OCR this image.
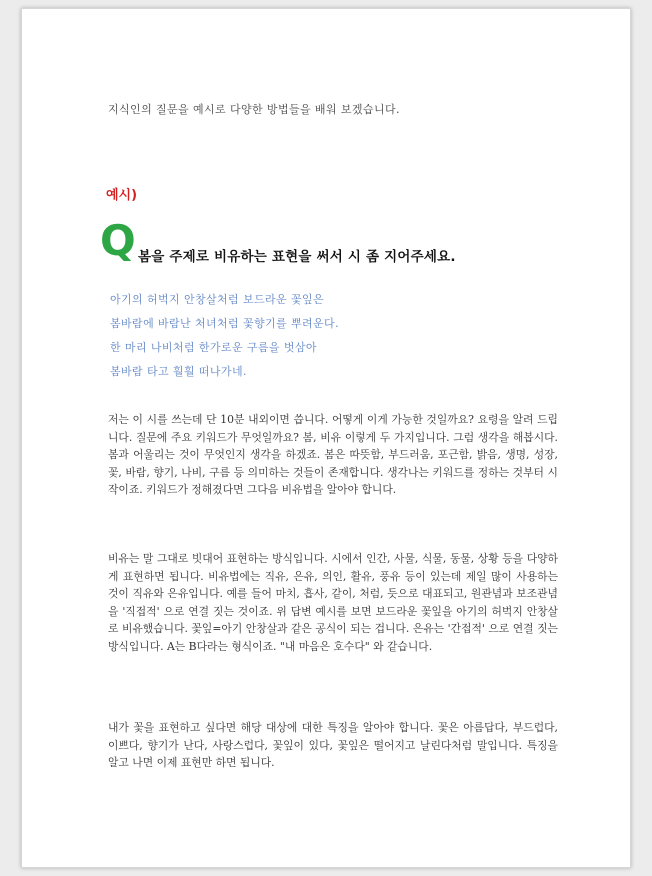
지식인의 질문을 예시로 다양한 방법들을 배워 보겠습니다.
예시)
Q 봄을 주제로 비유하는 표현을 써서 시 좀 지어주세요.
아기의 허벅지 안창살처럼 보드라운 꽃잎은
봄바람에 바람난 처녀처럼 꽃향기를 뿌려운다.
한 마리 나비처럼 한가로운 구름을 벗삼아
봄바람 타고 훨훨 떠나가네.

저는 이 시를 쓰는데 단 10분 내외이면 씁니다. 어떻게 이게 가능한 것일까요? 요령을 알려 드립니다. 질문에 주요 키워드가 무엇일까요? 봄, 비유 이렇게 두 가지입니다. 그럼 생각을 해봅시다. 봄과 어울리는 것이 무엇인지 생각을 하겠죠. 봄은 따뜻함, 부드러움, 포근함, 밝음, 생명, 성장, 꽃, 바람, 향기, 나비, 구름 등 의미하는 것들이 존재합니다. 생각나는 키워드를 정하는 것부터 시작이죠. 키워드가 정해졌다면 그다음 비유법을 알아야 합니다.

비유는 말 그대로 빗대어 표현하는 방식입니다. 시에서 인간, 사물, 식물, 동물, 상황 등을 다양하게 표현하면 됩니다. 비유법에는 직유, 은유, 의인, 활유, 풍유 등이 있는데 제일 많이 사용하는 것이 직유와 은유입니다. 예를 들어 마치, 흡사, 같이, 처럼, 듯으로 대표되고, 원관념과 보조관념을 '직접적' 으로 연결 짓는 것이죠. 위 답변 예시를 보면 보드라운 꽃잎을 아기의 허벅지 안창살로 비유했습니다. 꽃잎=아기 안창살과 같은 공식이 되는 겁니다. 은유는 '간접적' 으로 연결 짓는 방식입니다. A는 B다라는 형식이죠. "내 마음은 호수다" 와 같습니다.

내가 꽃을 표현하고 싶다면 해당 대상에 대한 특징을 알아야 합니다. 꽃은 아름답다, 부드럽다, 이쁘다, 향기가 난다, 사랑스럽다, 꽃잎이 있다, 꽃잎은 떨어지고 날린다처럼 말입니다. 특징을 알고 나면 이제 표현만 하면 됩니다.
